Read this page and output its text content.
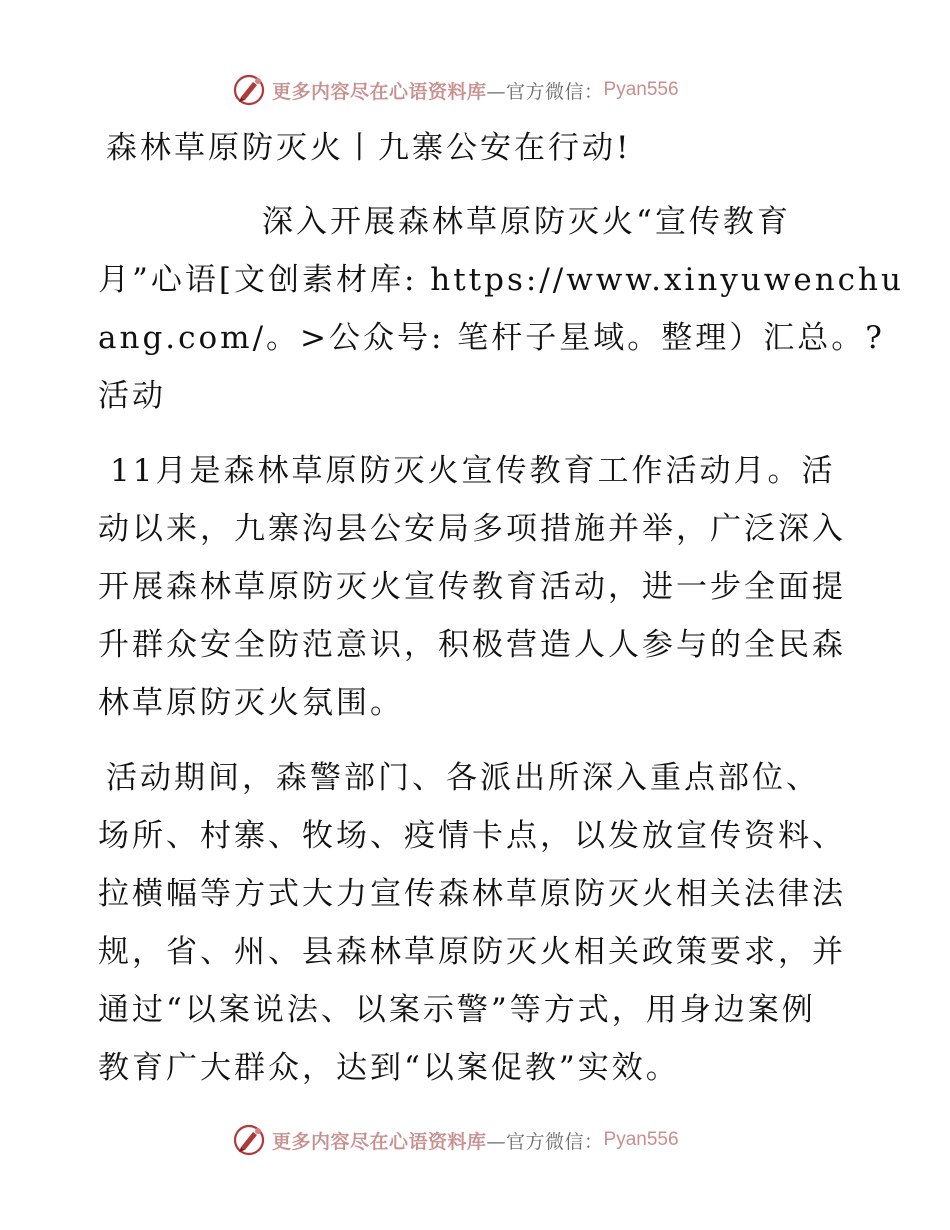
更多内容尽在心语资料库 —官方微信： Pyan556

森林草原防灭火丨九寨公安在行动!

深入开展森林草原防灭火“宣传教育

月”心语[文创素材库: https://www.xinyuwenchu

ang.com/。>公众号: 笔杆子星域。整理）汇总。?

活动

11月是森林草原防灭火宣传教育工作活动月。活

动以来，九寨沟县公安局多项措施并举，广泛深入

开展森林草原防灭火宣传教育活动，进一步全面提

升群众安全防范意识，积极营造人人参与的全民森

林草原防灭火氛围。

活动期间，森警部门、各派出所深入重点部位、

场所、村寨、牧场、疫情卡点，以发放宣传资料、

拉横幅等方式大力宣传森林草原防灭火相关法律法

规，省、州、县森林草原防灭火相关政策要求，并

通过“以案说法、以案示警”等方式，用身边案例

教育广大群众，达到“以案促教”实效。

更多内容尽在心语资料库 —官方微信： Pyan556
